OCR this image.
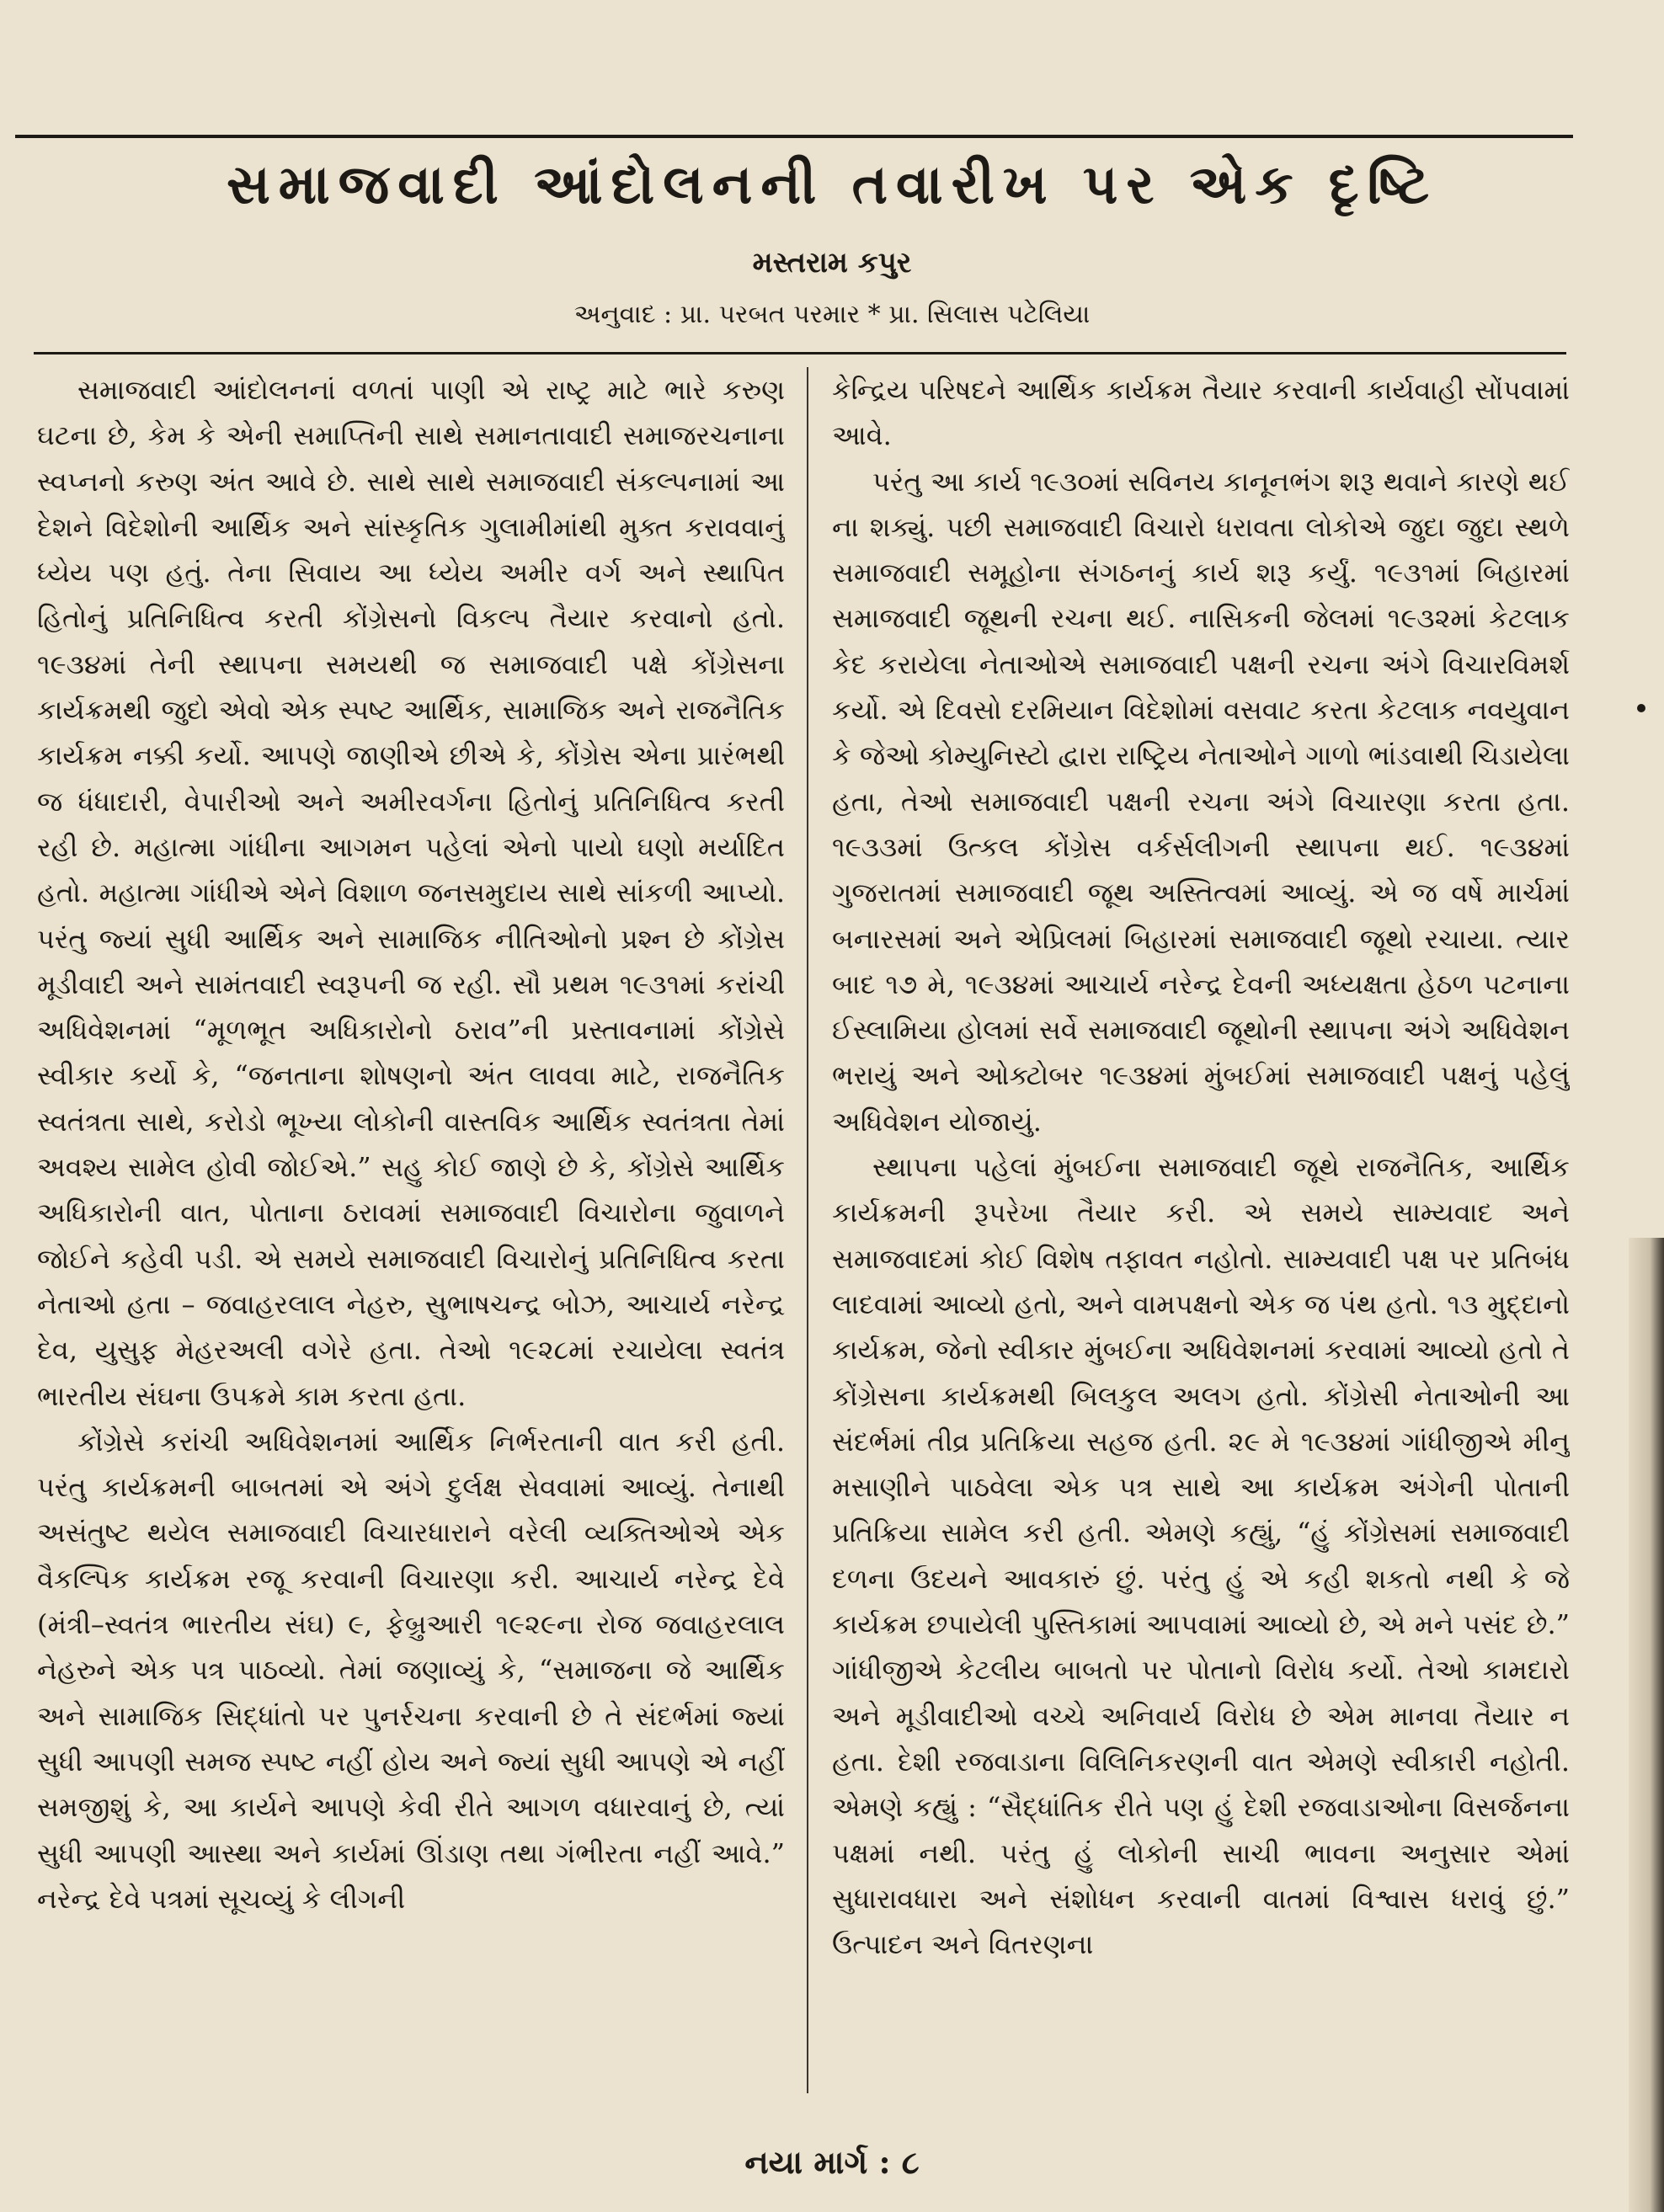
સમાજવાદી આંદોલનની તવારીખ પર એક દૃષ્ટિ
મસ્તરામ કપુર
અનુવાદ : પ્રા. પરબત પરમાર * પ્રા. સિલાસ પટેલિયા

સમાજવાદી આંદોલનનાં વળતાં પાણી એ રાષ્ટ્ર માટે ભારે કરુણ ઘટના છે, કેમ કે એની સમાપ્તિની સાથે સમાનતાવાદી સમાજરચનાના સ્વપ્નનો કરુણ અંત આવે છે. સાથે સાથે સમાજવાદી સંકલ્પનામાં આ દેશને વિદેશોની આર્થિક અને સાંસ્કૃતિક ગુલામીમાંથી મુક્ત કરાવવાનું ધ્યેય પણ હતું. તેના સિવાય આ ધ્યેય અમીર વર્ગ અને સ્થાપિત હિતોનું પ્રતિનિધિત્વ કરતી કોંગ્રેસનો વિકલ્પ તૈયાર કરવાનો હતો. ૧૯૩૪માં તેની સ્થાપના સમયથી જ સમાજવાદી પક્ષે કોંગ્રેસના કાર્યક્રમથી જુદો એવો એક સ્પષ્ટ આર્થિક, સામાજિક અને રાજનૈતિક કાર્યક્રમ નક્કી કર્યો. આપણે જાણીએ છીએ કે, કોંગ્રેસ એના પ્રારંભથી જ ધંધાદારી, વેપારીઓ અને અમીરવર્ગના હિતોનું પ્રતિનિધિત્વ કરતી રહી છે. મહાત્મા ગાંધીના આગમન પહેલાં એનો પાયો ઘણો મર્યાદિત હતો. મહાત્મા ગાંધીએ એને વિશાળ જનસમુદાય સાથે સાંકળી આપ્યો. પરંતુ જ્યાં સુધી આર્થિક અને સામાજિક નીતિઓનો પ્રશ્ન છે કોંગ્રેસ મૂડીવાદી અને સામંતવાદી સ્વરૂપની જ રહી. સૌ પ્રથમ ૧૯૩૧માં કરાંચી અધિવેશનમાં “મૂળભૂત અધિકારોનો ઠરાવ”ની પ્રસ્તાવનામાં કોંગ્રેસે સ્વીકાર કર્યો કે, “જનતાના શોષણનો અંત લાવવા માટે, રાજનૈતિક સ્વતંત્રતા સાથે, કરોડો ભૂખ્યા લોકોની વાસ્તવિક આર્થિક સ્વતંત્રતા તેમાં અવશ્ય સામેલ હોવી જોઈએ.” સહુ કોઈ જાણે છે કે, કોંગ્રેસે આર્થિક અધિકારોની વાત, પોતાના ઠરાવમાં સમાજવાદી વિચારોના જુવાળને જોઈને કહેવી પડી. એ સમયે સમાજવાદી વિચારોનું પ્રતિનિધિત્વ કરતા નેતાઓ હતા – જવાહરલાલ નેહરુ, સુભાષચન્દ્ર બોઝ, આચાર્ય નરેન્દ્ર દેવ, યુસુફ મેહરઅલી વગેરે હતા. તેઓ ૧૯૨૮માં રચાયેલા સ્વતંત્ર ભારતીય સંઘના ઉપક્રમે કામ કરતા હતા.

કોંગ્રેસે કરાંચી અધિવેશનમાં આર્થિક નિર્ભરતાની વાત કરી હતી. પરંતુ કાર્યક્રમની બાબતમાં એ અંગે દુર્લક્ષ સેવવામાં આવ્યું. તેનાથી અસંતુષ્ટ થયેલ સમાજવાદી વિચારધારાને વરેલી વ્યક્તિઓએ એક વૈકલ્પિક કાર્યક્રમ રજૂ કરવાની વિચારણા કરી. આચાર્ય નરેન્દ્ર દેવે (મંત્રી–સ્વતંત્ર ભારતીય સંઘ) ૯, ફેબ્રુઆરી ૧૯૨૯ના રોજ જવાહરલાલ નેહરુને એક પત્ર પાઠવ્યો. તેમાં જણાવ્યું કે, “સમાજના જે આર્થિક અને સામાજિક સિદ્ધાંતો પર પુનર્રચના કરવાની છે તે સંદર્ભમાં જ્યાં સુધી આપણી સમજ સ્પષ્ટ નહીં હોય અને જ્યાં સુધી આપણે એ નહીં સમજીશું કે, આ કાર્યને આપણે કેવી રીતે આગળ વધારવાનું છે, ત્યાં સુધી આપણી આસ્થા અને કાર્યમાં ઊંડાણ તથા ગંભીરતા નહીં આવે.” નરેન્દ્ર દેવે પત્રમાં સૂચવ્યું કે લીગની

કેન્દ્રિય પરિષદને આર્થિક કાર્યક્રમ તૈયાર કરવાની કાર્યવાહી સોંપવામાં આવે.

પરંતુ આ કાર્ય ૧૯૩૦માં સવિનય કાનૂનભંગ શરૂ થવાને કારણે થઈ ના શક્યું. પછી સમાજવાદી વિચારો ધરાવતા લોકોએ જુદા જુદા સ્થળે સમાજવાદી સમૂહોના સંગઠનનું કાર્ય શરૂ કર્યું. ૧૯૩૧માં બિહારમાં સમાજવાદી જૂથની રચના થઈ. નાસિકની જેલમાં ૧૯૩૨માં કેટલાક કેદ કરાયેલા નેતાઓએ સમાજવાદી પક્ષની રચના અંગે વિચારવિમર્શ કર્યો. એ દિવસો દરમિયાન વિદેશોમાં વસવાટ કરતા કેટલાક નવયુવાન કે જેઓ કોમ્યુનિસ્ટો દ્વારા રાષ્ટ્રિય નેતાઓને ગાળો ભાંડવાથી ચિડાયેલા હતા, તેઓ સમાજવાદી પક્ષની રચના અંગે વિચારણા કરતા હતા. ૧૯૩૩માં ઉત્કલ કોંગ્રેસ વર્કર્સલીગની સ્થાપના થઈ. ૧૯૩૪માં ગુજરાતમાં સમાજવાદી જૂથ અસ્તિત્વમાં આવ્યું. એ જ વર્ષે માર્ચમાં બનારસમાં અને એપ્રિલમાં બિહારમાં સમાજવાદી જૂથો રચાયા. ત્યાર બાદ ૧૭ મે, ૧૯૩૪માં આચાર્ય નરેન્દ્ર દેવની અધ્યક્ષતા હેઠળ પટનાના ઈસ્લામિયા હોલમાં સર્વે સમાજવાદી જૂથોની સ્થાપના અંગે અધિવેશન ભરાયું અને ઓક્ટોબર ૧૯૩૪માં મુંબઈમાં સમાજવાદી પક્ષનું પહેલું અધિવેશન યોજાયું.

સ્થાપના પહેલાં મુંબઈના સમાજવાદી જૂથે રાજનૈતિક, આર્થિક કાર્યક્રમની રૂપરેખા તૈયાર કરી. એ સમયે સામ્યવાદ અને સમાજવાદમાં કોઈ વિશેષ તફાવત નહોતો. સામ્યવાદી પક્ષ પર પ્રતિબંધ લાદવામાં આવ્યો હતો, અને વામપક્ષનો એક જ પંથ હતો. ૧૩ મુદ્દાનો કાર્યક્રમ, જેનો સ્વીકાર મુંબઈના અધિવેશનમાં કરવામાં આવ્યો હતો તે કોંગ્રેસના કાર્યક્રમથી બિલકુલ અલગ હતો. કોંગ્રેસી નેતાઓની આ સંદર્ભમાં તીવ્ર પ્રતિક્રિયા સહજ હતી. ૨૯ મે ૧૯૩૪માં ગાંધીજીએ મીનુ મસાણીને પાઠવેલા એક પત્ર સાથે આ કાર્યક્રમ અંગેની પોતાની પ્રતિક્રિયા સામેલ કરી હતી. એમણે કહ્યું, “હું કોંગ્રેસમાં સમાજવાદી દળના ઉદયને આવકારું છું. પરંતુ હું એ કહી શકતો નથી કે જે કાર્યક્રમ છપાયેલી પુસ્તિકામાં આપવામાં આવ્યો છે, એ મને પસંદ છે.” ગાંધીજીએ કેટલીય બાબતો પર પોતાનો વિરોધ કર્યો. તેઓ કામદારો અને મૂડીવાદીઓ વચ્ચે અનિવાર્ય વિરોધ છે એમ માનવા તૈયાર ન હતા. દેશી રજવાડાના વિલિનિકરણની વાત એમણે સ્વીકારી નહોતી. એમણે કહ્યું : “સૈદ્ધાંતિક રીતે પણ હું દેશી રજવાડાઓના વિસર્જનના પક્ષમાં નથી. પરંતુ હું લોકોની સાચી ભાવના અનુસાર એમાં સુધારાવધારા અને સંશોધન કરવાની વાતમાં વિશ્વાસ ધરાવું છું.” ઉત્પાદન અને વિતરણના

નયા માર્ગ : ૮
